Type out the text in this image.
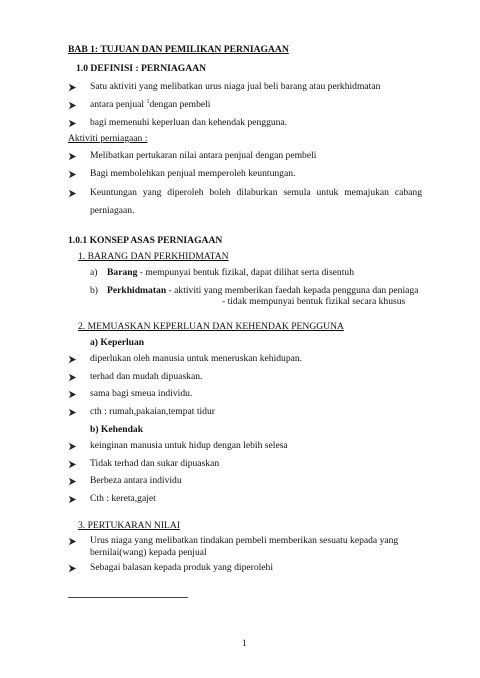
BAB 1: TUJUAN DAN PEMILIKAN PERNIAGAAN
1.0 DEFINISI : PERNIAGAAN
Satu aktiviti yang melibatkan urus niaga jual beli barang atau perkhidmatan
antara penjual $^1$dengan pembeli
bagi memenuhi keperluan dan kehendak pengguna.
Aktiviti perniagaan :
Melibatkan pertukaran nilai antara penjual dengan pembeli
Bagi membolehkan penjual memperoleh keuntungan.
Keuntungan yang diperoleh boleh dilaburkan semula untuk memajukan cabang
perniagaan.
1.0.1 KONSEP ASAS PERNIAGAAN
1. BARANG DAN PERKHIDMATAN
a) Barang - mempunyai bentuk fizikal, dapat dilihat serta disentuh
b) Perkhidmatan - aktiviti yang memberikan faedah kepada pengguna dan peniaga
- tidak mempunyai bentuk fizikal secara khusus
2. MEMUASKAN KEPERLUAN DAN KEHENDAK PENGGUNA
a) Keperluan
diperlukan oleh manusia untuk meneruskan kehidupan.
terhad dan mudah dipuaskan.
sama bagi smeua individu.
cth : rumah,pakaian,tempat tidur
b) Kehendak
keinginan manusia untuk hidup dengan lebih selesa
Tidak terhad dan sukar dipuaskan
Berbeza antara individu
Cth : kereta,gajet
3. PERTUKARAN NILAI
Urus niaga yang melibatkan tindakan pembeli memberikan sesuatu kepada yang
bernilai(wang) kepada penjual
Sebagai balasan kepada produk yang diperolehi
1
